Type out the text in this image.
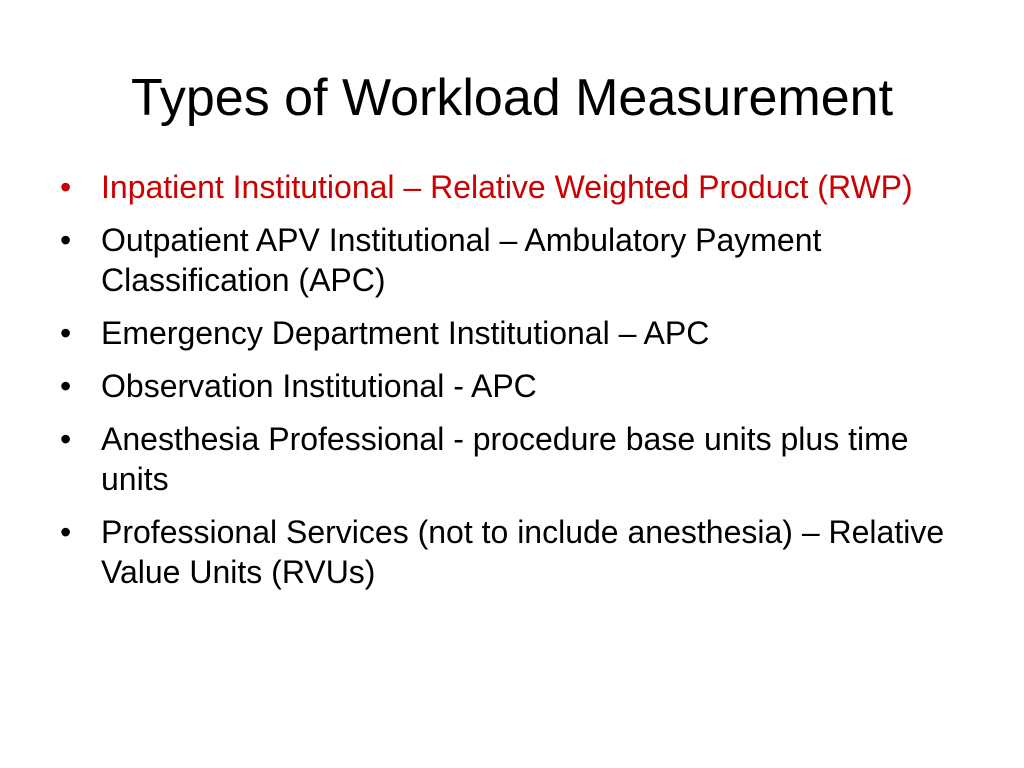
Types of Workload Measurement
• Inpatient Institutional – Relative Weighted Product (RWP)
• Outpatient APV Institutional – Ambulatory Payment Classification (APC)
• Emergency Department Institutional – APC
• Observation Institutional - APC
• Anesthesia Professional - procedure base units plus time units
• Professional Services (not to include anesthesia) – Relative Value Units (RVUs)
